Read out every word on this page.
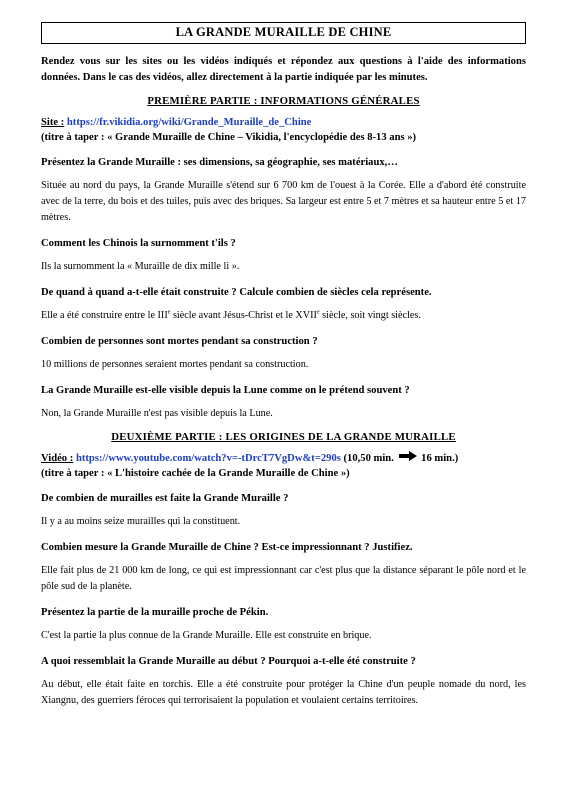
LA GRANDE MURAILLE DE CHINE
Rendez vous sur les sites ou les vidéos indiqués et répondez aux questions à l'aide des informations données. Dans le cas des vidéos, allez directement à la partie indiquée par les minutes.
PREMIÈRE PARTIE : INFORMATIONS GÉNÉRALES
Site : https://fr.vikidia.org/wiki/Grande_Muraille_de_Chine
(titre à taper : « Grande Muraille de Chine – Vikidia, l'encyclopédie des 8-13 ans »)
Présentez la Grande Muraille : ses dimensions, sa géographie, ses matériaux,…
Située au nord du pays, la Grande Muraille s'étend sur 6 700 km de l'ouest à la Corée. Elle a d'abord été construite avec de la terre, du bois et des tuiles, puis avec des briques. Sa largeur est entre 5 et 7 mètres et sa hauteur entre 5 et 17 mètres.
Comment les Chinois la surnomment t'ils ?
Ils la surnomment la « Muraille de dix mille li ».
De quand à quand a-t-elle était construite ? Calcule combien de siècles cela représente.
Elle a été construire entre le IIIe siècle avant Jésus-Christ et le XVIIe siècle, soit vingt siècles.
Combien de personnes sont mortes pendant sa construction ?
10 millions de personnes seraient mortes pendant sa construction.
La Grande Muraille est-elle visible depuis la Lune comme on le prétend souvent ?
Non, la Grande Muraille n'est pas visible depuis la Lune.
DEUXIÈME PARTIE : LES ORIGINES DE LA GRANDE MURAILLE
Vidéo : https://www.youtube.com/watch?v=-tDrcT7VgDw&t=290s (10,50 min.	16 min.)
(titre à taper : « L'histoire cachée de la Grande Muraille de Chine »)
De combien de murailles est faite la Grande Muraille ?
Il y a au moins seize murailles qui la constituent.
Combien mesure la Grande Muraille de Chine ? Est-ce impressionnant ? Justifiez.
Elle fait plus de 21 000 km de long, ce qui est impressionnant car c'est plus que la distance séparant le pôle nord et le pôle sud de la planète.
Présentez la partie de la muraille proche de Pékin.
C'est la partie la plus connue de la Grande Muraille. Elle est construite en brique.
A quoi ressemblait la Grande Muraille au début ? Pourquoi a-t-elle été construite ?
Au début, elle était faite en torchis. Elle a été construite pour protéger la Chine d'un peuple nomade du nord, les Xiangnu, des guerriers féroces qui terrorisaient la population et voulaient certains territoires.
